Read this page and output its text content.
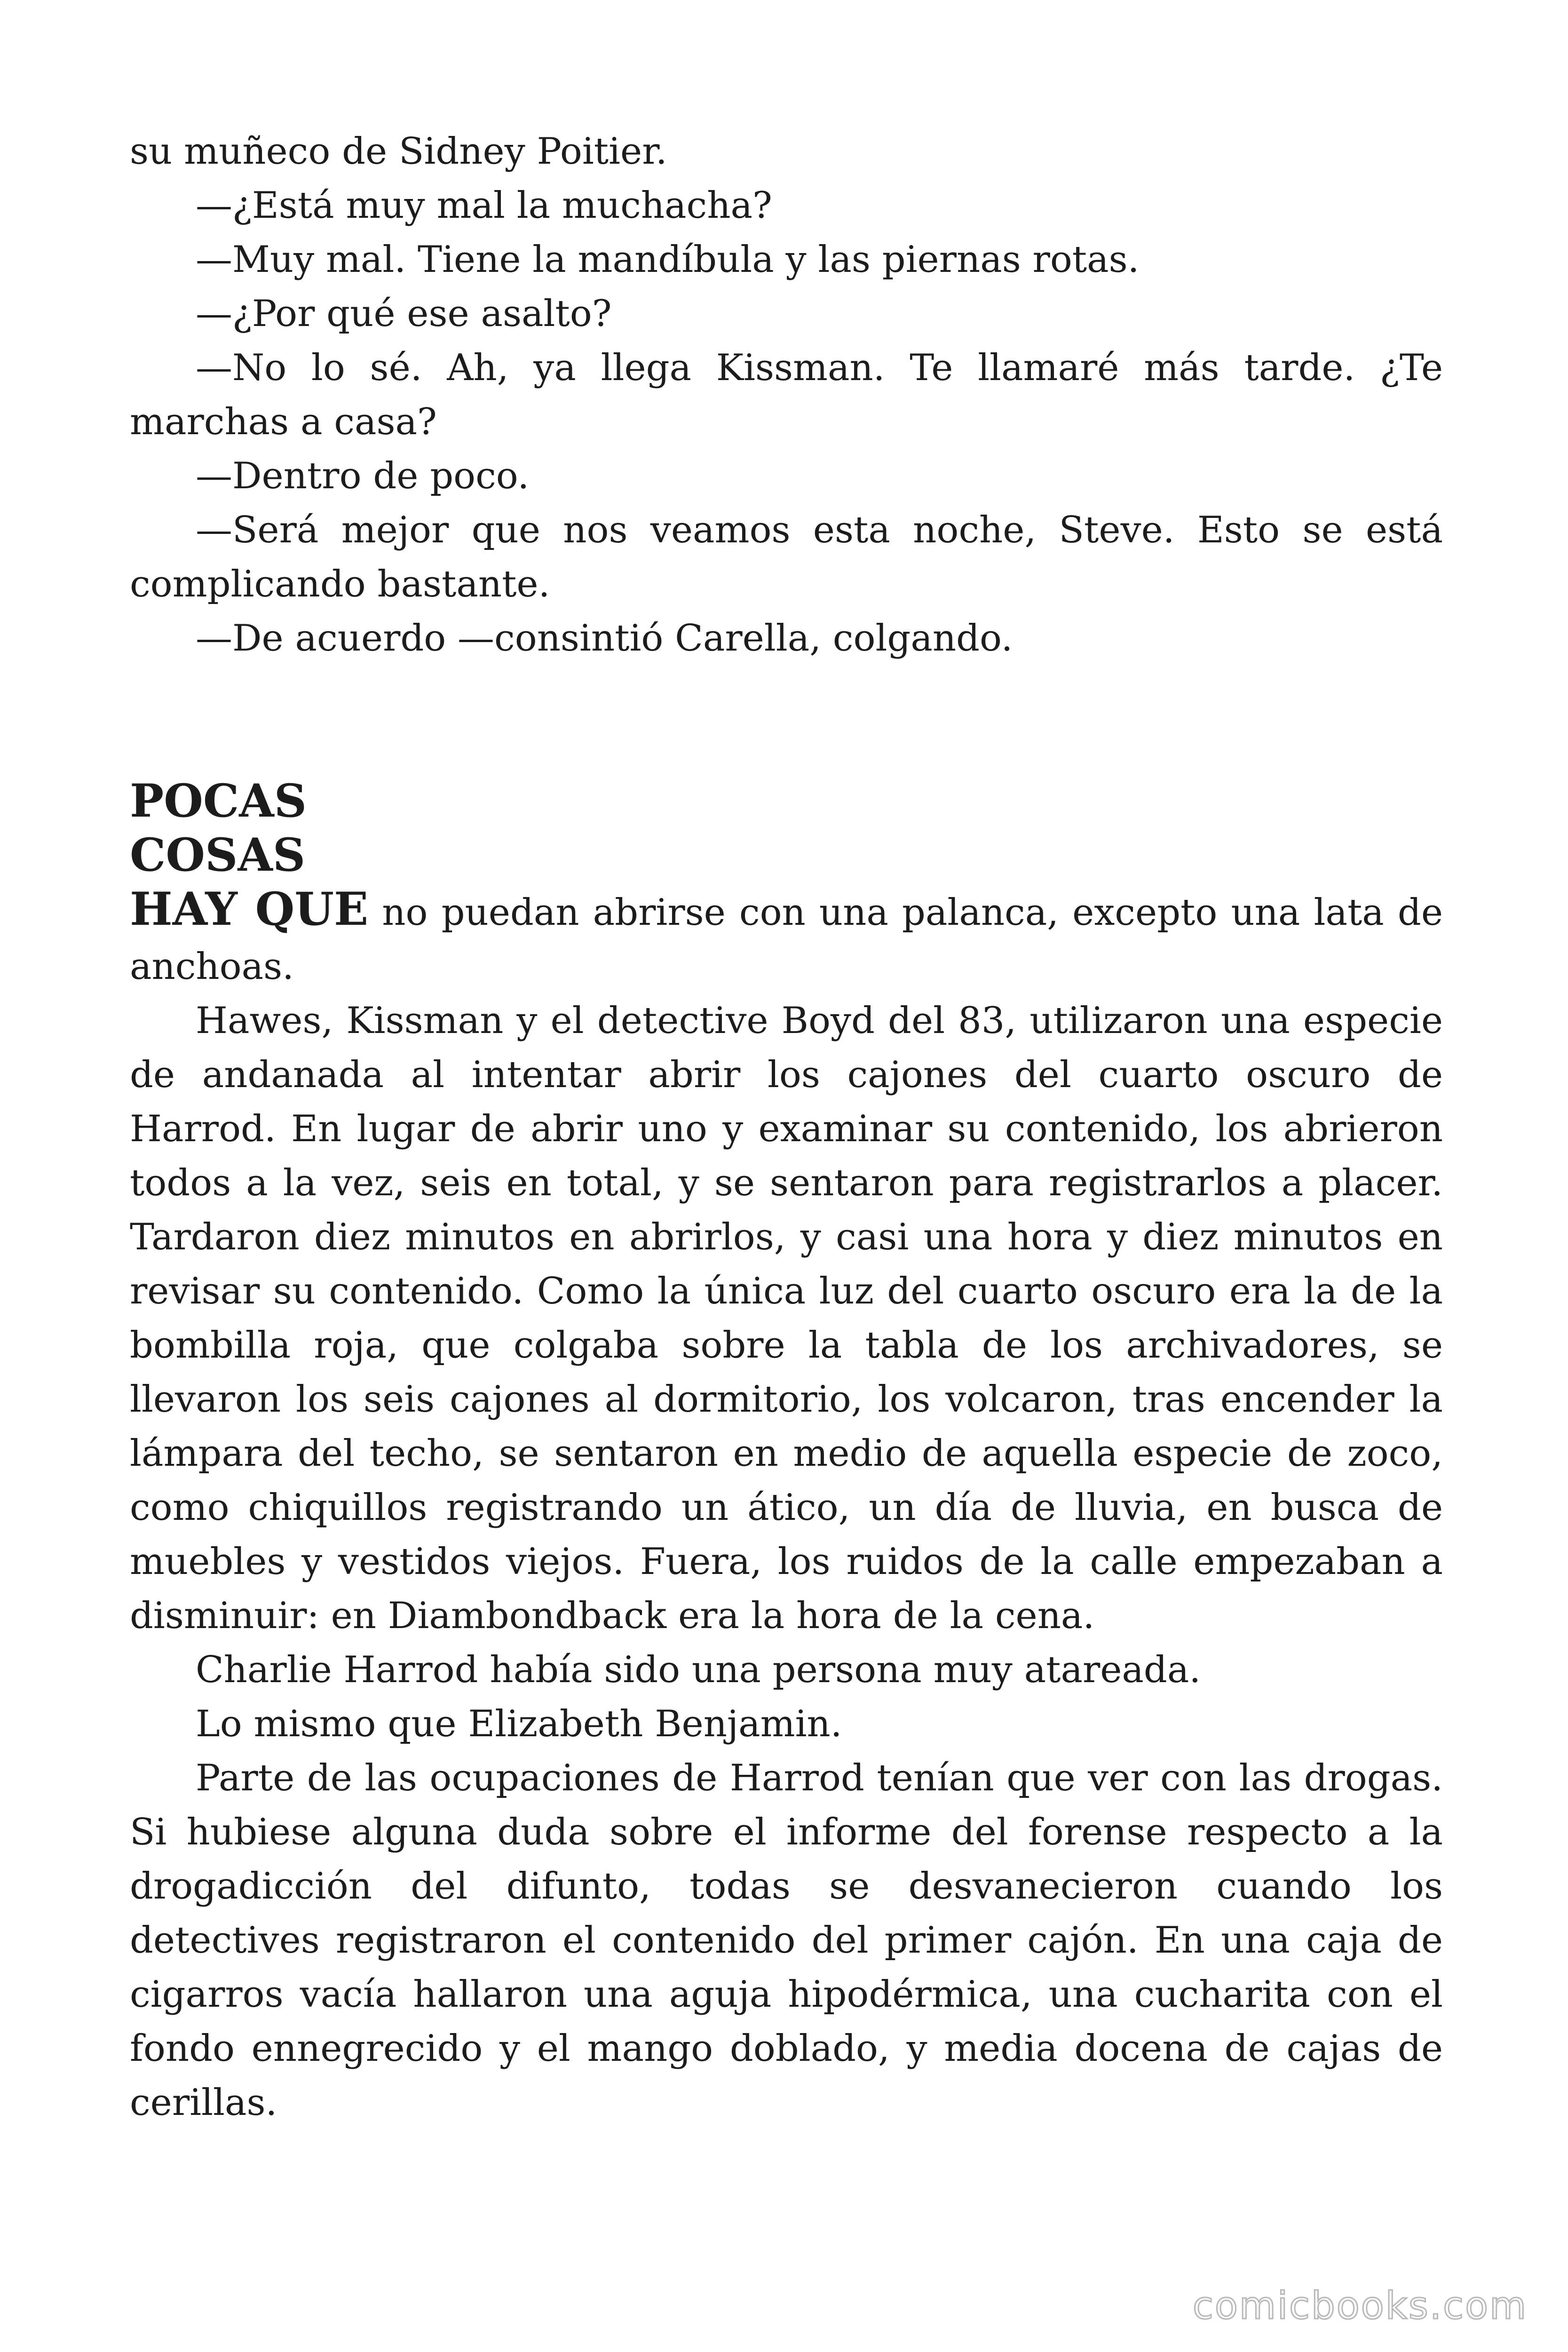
su muñeco de Sidney Poitier.

—¿Está muy mal la muchacha?

—Muy mal. Tiene la mandíbula y las piernas rotas.

—¿Por qué ese asalto?

—No lo sé. Ah, ya llega Kissman. Te llamaré más tarde. ¿Te marchas a casa?

—Dentro de poco.

—Será mejor que nos veamos esta noche, Steve. Esto se está complicando bastante.

—De acuerdo —consintió Carella, colgando.

POCAS
COSAS

HAY QUE no puedan abrirse con una palanca, excepto una lata de anchoas.

Hawes, Kissman y el detective Boyd del 83, utilizaron una especie de andanada al intentar abrir los cajones del cuarto oscuro de Harrod. En lugar de abrir uno y examinar su contenido, los abrieron todos a la vez, seis en total, y se sentaron para registrarlos a placer. Tardaron diez minutos en abrirlos, y casi una hora y diez minutos en revisar su contenido. Como la única luz del cuarto oscuro era la de la bombilla roja, que colgaba sobre la tabla de los archivadores, se llevaron los seis cajones al dormitorio, los volcaron, tras encender la lámpara del techo, se sentaron en medio de aquella especie de zoco, como chiquillos registrando un ático, un día de lluvia, en busca de muebles y vestidos viejos. Fuera, los ruidos de la calle empezaban a disminuir: en Diambondback era la hora de la cena.

Charlie Harrod había sido una persona muy atareada.

Lo mismo que Elizabeth Benjamin.

Parte de las ocupaciones de Harrod tenían que ver con las drogas. Si hubiese alguna duda sobre el informe del forense respecto a la drogadicción del difunto, todas se desvanecieron cuando los detectives registraron el contenido del primer cajón. En una caja de cigarros vacía hallaron una aguja hipodérmica, una cucharita con el fondo ennegrecido y el mango doblado, y media docena de cajas de cerillas.

comicbooks.com
